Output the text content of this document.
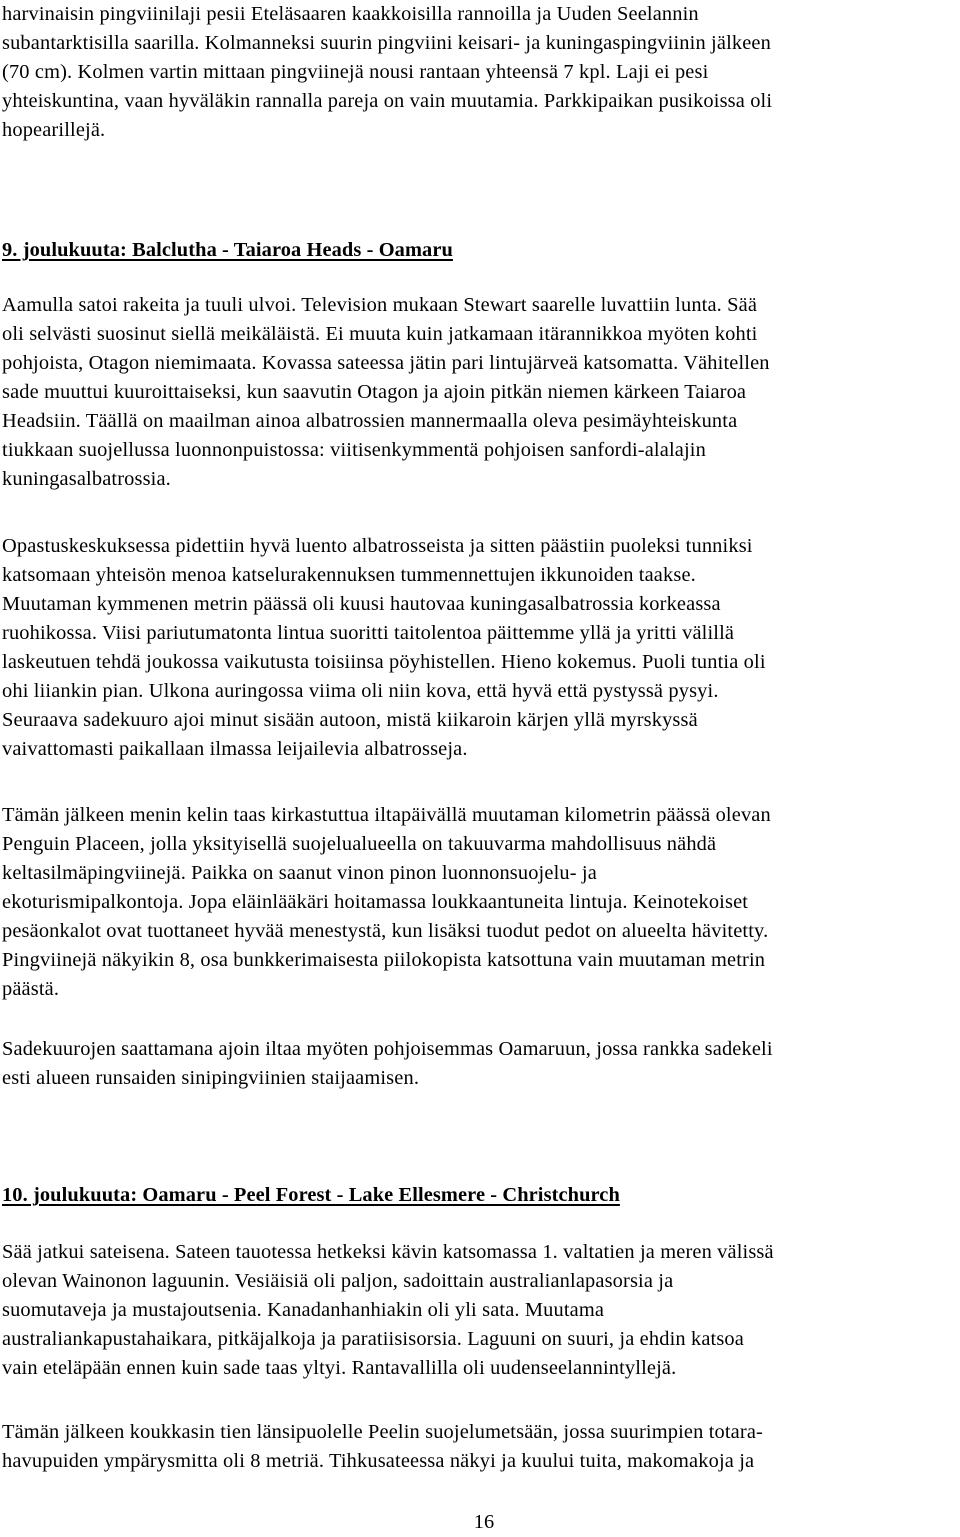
harvinaisin pingviinilaji pesii Eteläsaaren kaakkoisilla rannoilla ja Uuden Seelannin
subantarktisilla saarilla. Kolmanneksi suurin pingviini keisari- ja kuningaspingviinin jälkeen
(70 cm). Kolmen vartin mittaan pingviinejä nousi rantaan yhteensä 7 kpl. Laji ei pesi
yhteiskuntina, vaan hyväläkin rannalla pareja on vain muutamia. Parkkipaikan pusikoissa oli
hopearillejä.
9. joulukuuta: Balclutha - Taiaroa Heads - Oamaru
Aamulla satoi rakeita ja tuuli ulvoi. Television mukaan Stewart saarelle luvattiin lunta. Sää
oli selvästi suosinut siellä meikäläistä. Ei muuta kuin jatkamaan itärannikkoa myöten kohti
pohjoista, Otagon niemimaata. Kovassa sateessa jätin pari lintujärveä katsomatta. Vähitellen
sade muuttui kuuroittaiseksi, kun saavutin Otagon ja ajoin pitkän niemen kärkeen Taiaroa
Headsiin. Täällä on maailman ainoa albatrossien mannermaalla oleva pesimäyhteiskunta
tiukkaan suojellussa luonnonpuistossa: viitisenkymmentä pohjoisen sanfordi-alalajin
kuningasalbatrossia.
Opastuskeskuksessa pidettiin hyvä luento albatrosseista ja sitten päästiin puoleksi tunniksi
katsomaan yhteisön menoa katselurakennuksen tummennettujen ikkunoiden taakse.
Muutaman kymmenen metrin päässä oli kuusi hautovaa kuningasalbatrossia korkeassa
ruohikossa. Viisi pariutumatonta lintua suoritti taitolentoa päittemme yllä ja yritti välillä
laskeutuen tehdä joukossa vaikutusta toisiinsa pöyhistellen. Hieno kokemus. Puoli tuntia oli
ohi liiankin pian. Ulkona auringossa viima oli niin kova, että hyvä että pystyssä pysyi.
Seuraava sadekuuro ajoi minut sisään autoon, mistä kiikaroin kärjen yllä myrskyssä
vaivattomasti paikallaan ilmassa leijailevia albatrosseja.
Tämän jälkeen menin kelin taas kirkastuttua iltapäivällä muutaman kilometrin päässä olevan
Penguin Placeen, jolla yksityisellä suojelualueella on takuuvarma mahdollisuus nähdä
keltasilmäpingviinejä. Paikka on saanut vinon pinon luonnonsuojelu- ja
ekoturismipalkontoja. Jopa eläinlääkäri hoitamassa loukkaantuneita lintuja. Keinotekoiset
pesäonkalot ovat tuottaneet hyvää menestystä, kun lisäksi tuodut pedot on alueelta hävitetty.
Pingviinejä näkyikin 8, osa bunkkerimaisesta piilokopista katsottuna vain muutaman metrin
päästä.
Sadekuurojen saattamana ajoin iltaa myöten pohjoisemmas Oamaruun, jossa rankka sadekeli
esti alueen runsaiden sinipingviinien staijaamisen.
10. joulukuuta: Oamaru - Peel Forest - Lake Ellesmere - Christchurch
Sää jatkui sateisena. Sateen tauotessa hetkeksi kävin katsomassa 1. valtatien ja meren välissä
olevan Wainonon laguunin. Vesiäisiä oli paljon, sadoittain australianlapasorsia ja
suomutaveja ja mustajoutsenia. Kanadanhanhiakin oli yli sata. Muutama
australiankapustahaikara, pitkäjalkoja ja paratiisisorsia. Laguuni on suuri, ja ehdin katsoa
vain eteläpään ennen kuin sade taas yltyi. Rantavallilla oli uudenseelannintyllejä.
Tämän jälkeen koukkasin tien länsipuolelle Peelin suojelumetsään, jossa suurimpien totara-
havupuiden ympärysmitta oli 8 metriä. Tihkusateessa näkyi ja kuului tuita, makomakoja ja
16
